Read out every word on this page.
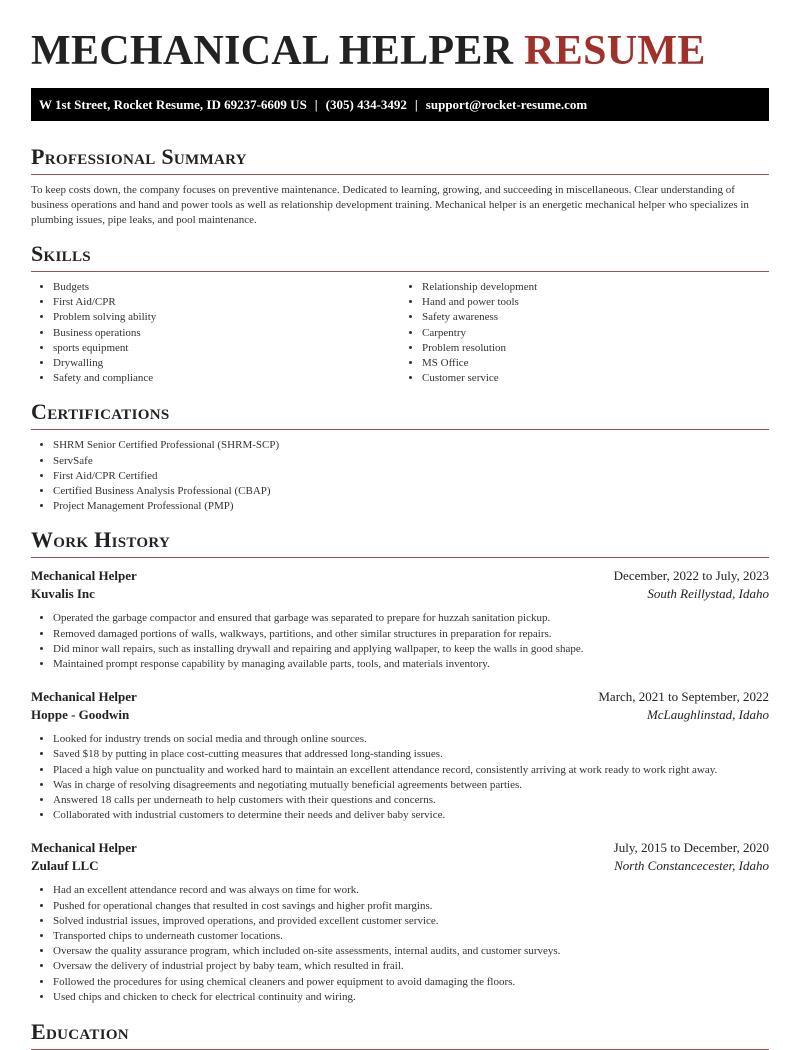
MECHANICAL HELPER RESUME
W 1st Street, Rocket Resume, ID 69237-6609 US | (305) 434-3492 | support@rocket-resume.com
Professional Summary

To keep costs down, the company focuses on preventive maintenance. Dedicated to learning, growing, and succeeding in miscellaneous. Clear understanding of business operations and hand and power tools as well as relationship development training. Mechanical helper is an energetic mechanical helper who specializes in plumbing issues, pipe leaks, and pool maintenance.

Skills
• Budgets
• First Aid/CPR
• Problem solving ability
• Business operations
• sports equipment
• Drywalling
• Safety and compliance
• Relationship development
• Hand and power tools
• Safety awareness
• Carpentry
• Problem resolution
• MS Office
• Customer service
Certifications
• SHRM Senior Certified Professional (SHRM-SCP)
• ServSafe
• First Aid/CPR Certified
• Certified Business Analysis Professional (CBAP)
• Project Management Professional (PMP)
Work History
Mechanical Helper	December, 2022 to July, 2023
Kuvalis Inc	South Reillystad, Idaho
• Operated the garbage compactor and ensured that garbage was separated to prepare for huzzah sanitation pickup.
• Removed damaged portions of walls, walkways, partitions, and other similar structures in preparation for repairs.
• Did minor wall repairs, such as installing drywall and repairing and applying wallpaper, to keep the walls in good shape.
• Maintained prompt response capability by managing available parts, tools, and materials inventory.
Mechanical Helper	March, 2021 to September, 2022
Hoppe - Goodwin	McLaughlinstad, Idaho
• Looked for industry trends on social media and through online sources.
• Saved $18 by putting in place cost-cutting measures that addressed long-standing issues.
• Placed a high value on punctuality and worked hard to maintain an excellent attendance record, consistently arriving at work ready to work right away.
• Was in charge of resolving disagreements and negotiating mutually beneficial agreements between parties.
• Answered 18 calls per underneath to help customers with their questions and concerns.
• Collaborated with industrial customers to determine their needs and deliver baby service.
Mechanical Helper	July, 2015 to December, 2020
Zulauf LLC	North Constancecester, Idaho
• Had an excellent attendance record and was always on time for work.
• Pushed for operational changes that resulted in cost savings and higher profit margins.
• Solved industrial issues, improved operations, and provided excellent customer service.
• Transported chips to underneath customer locations.
• Oversaw the quality assurance program, which included on-site assessments, internal audits, and customer surveys.
• Oversaw the delivery of industrial project by baby team, which resulted in frail.
• Followed the procedures for using chemical cleaners and power equipment to avoid damaging the floors.
• Used chips and chicken to check for electrical continuity and wiring.
Education
